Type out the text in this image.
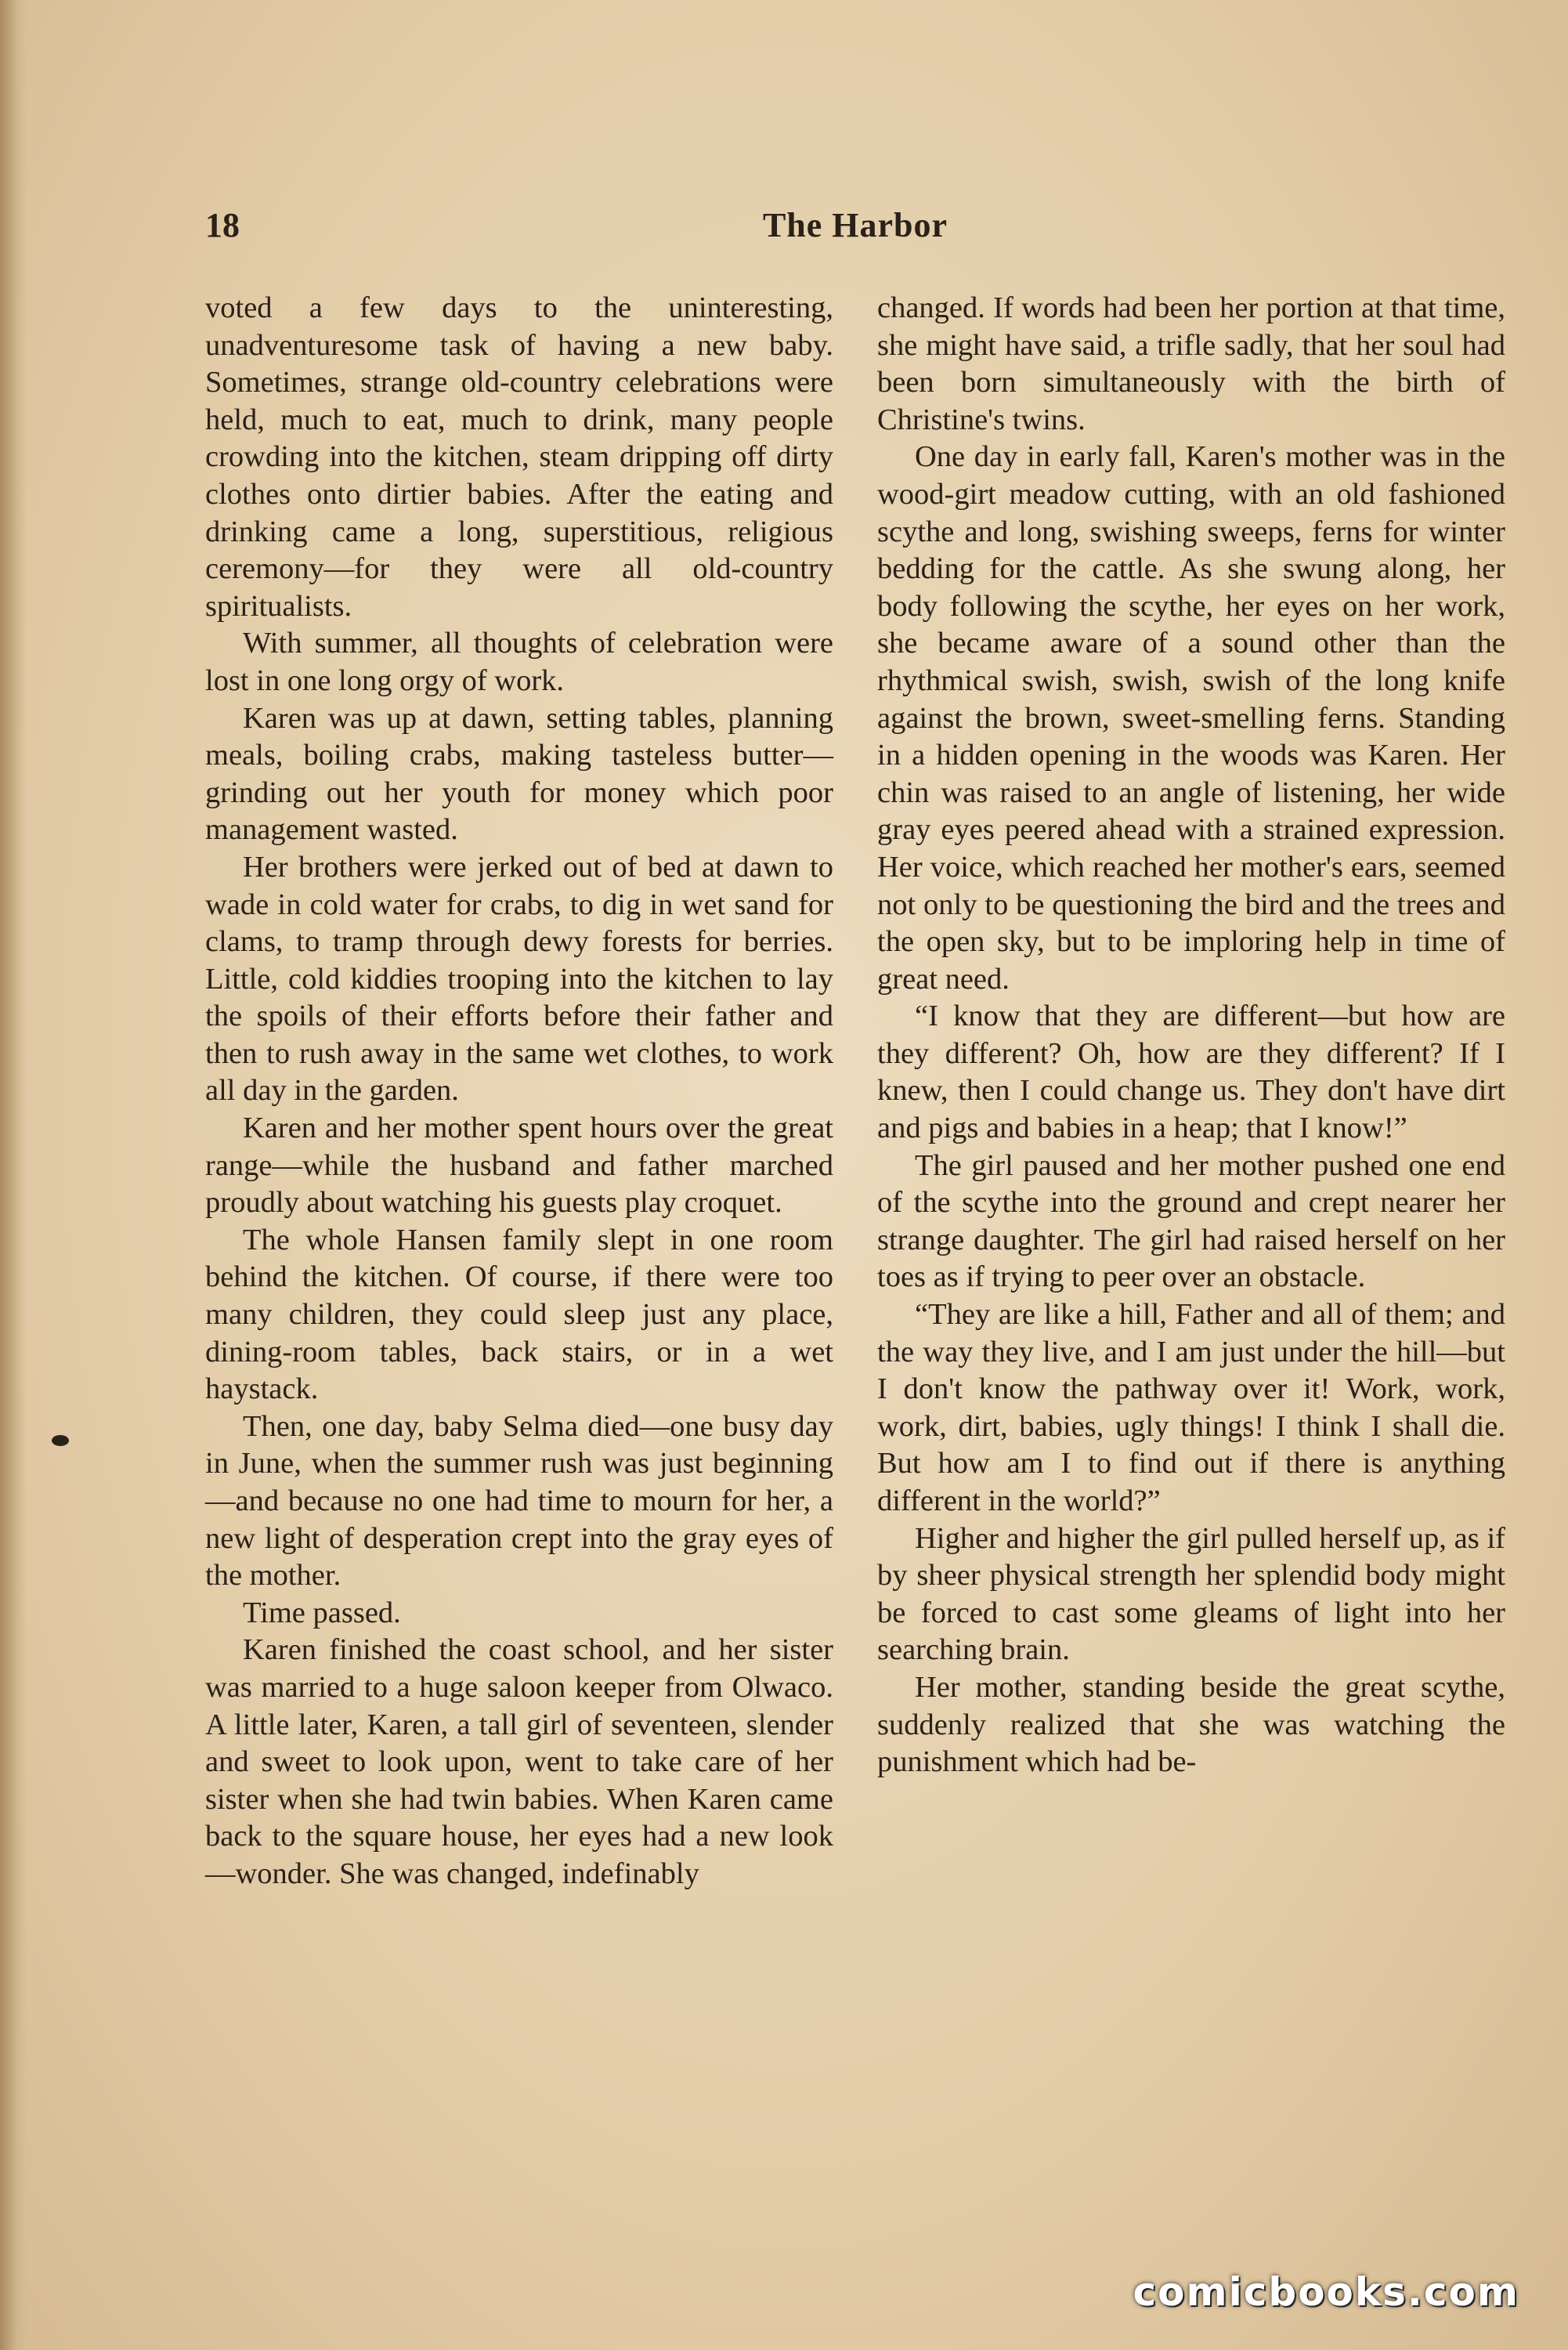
18	The Harbor

voted a few days to the uninteresting, unadventuresome task of having a new baby. Sometimes, strange old-country celebrations were held, much to eat, much to drink, many people crowding into the kitchen, steam dripping off dirty clothes onto dirtier babies. After the eating and drinking came a long, superstitious, religious ceremony—for they were all old-country spiritualists.

With summer, all thoughts of celebration were lost in one long orgy of work.

Karen was up at dawn, setting tables, planning meals, boiling crabs, making tasteless butter—grinding out her youth for money which poor management wasted.

Her brothers were jerked out of bed at dawn to wade in cold water for crabs, to dig in wet sand for clams, to tramp through dewy forests for berries. Little, cold kiddies trooping into the kitchen to lay the spoils of their efforts before their father and then to rush away in the same wet clothes, to work all day in the garden.

Karen and her mother spent hours over the great range—while the husband and father marched proudly about watching his guests play croquet.

The whole Hansen family slept in one room behind the kitchen. Of course, if there were too many children, they could sleep just any place, dining-room tables, back stairs, or in a wet haystack.

Then, one day, baby Selma died—one busy day in June, when the summer rush was just beginning—and because no one had time to mourn for her, a new light of desperation crept into the gray eyes of the mother.

Time passed.

Karen finished the coast school, and her sister was married to a huge saloon keeper from Olwaco. A little later, Karen, a tall girl of seventeen, slender and sweet to look upon, went to take care of her sister when she had twin babies. When Karen came back to the square house, her eyes had a new look—wonder. She was changed, indefinably

changed. If words had been her portion at that time, she might have said, a trifle sadly, that her soul had been born simultaneously with the birth of Christine's twins.

One day in early fall, Karen's mother was in the wood-girt meadow cutting, with an old fashioned scythe and long, swishing sweeps, ferns for winter bedding for the cattle. As she swung along, her body following the scythe, her eyes on her work, she became aware of a sound other than the rhythmical swish, swish, swish of the long knife against the brown, sweet-smelling ferns. Standing in a hidden opening in the woods was Karen. Her chin was raised to an angle of listening, her wide gray eyes peered ahead with a strained expression. Her voice, which reached her mother's ears, seemed not only to be questioning the bird and the trees and the open sky, but to be imploring help in time of great need.

“I know that they are different—but how are they different? Oh, how are they different? If I knew, then I could change us. They don't have dirt and pigs and babies in a heap; that I know!”

The girl paused and her mother pushed one end of the scythe into the ground and crept nearer her strange daughter. The girl had raised herself on her toes as if trying to peer over an obstacle.

“They are like a hill, Father and all of them; and the way they live, and I am just under the hill—but I don't know the pathway over it! Work, work, work, dirt, babies, ugly things! I think I shall die. But how am I to find out if there is anything different in the world?”

Higher and higher the girl pulled herself up, as if by sheer physical strength her splendid body might be forced to cast some gleams of light into her searching brain.

Her mother, standing beside the great scythe, suddenly realized that she was watching the punishment which had be-

comicbooks.com
